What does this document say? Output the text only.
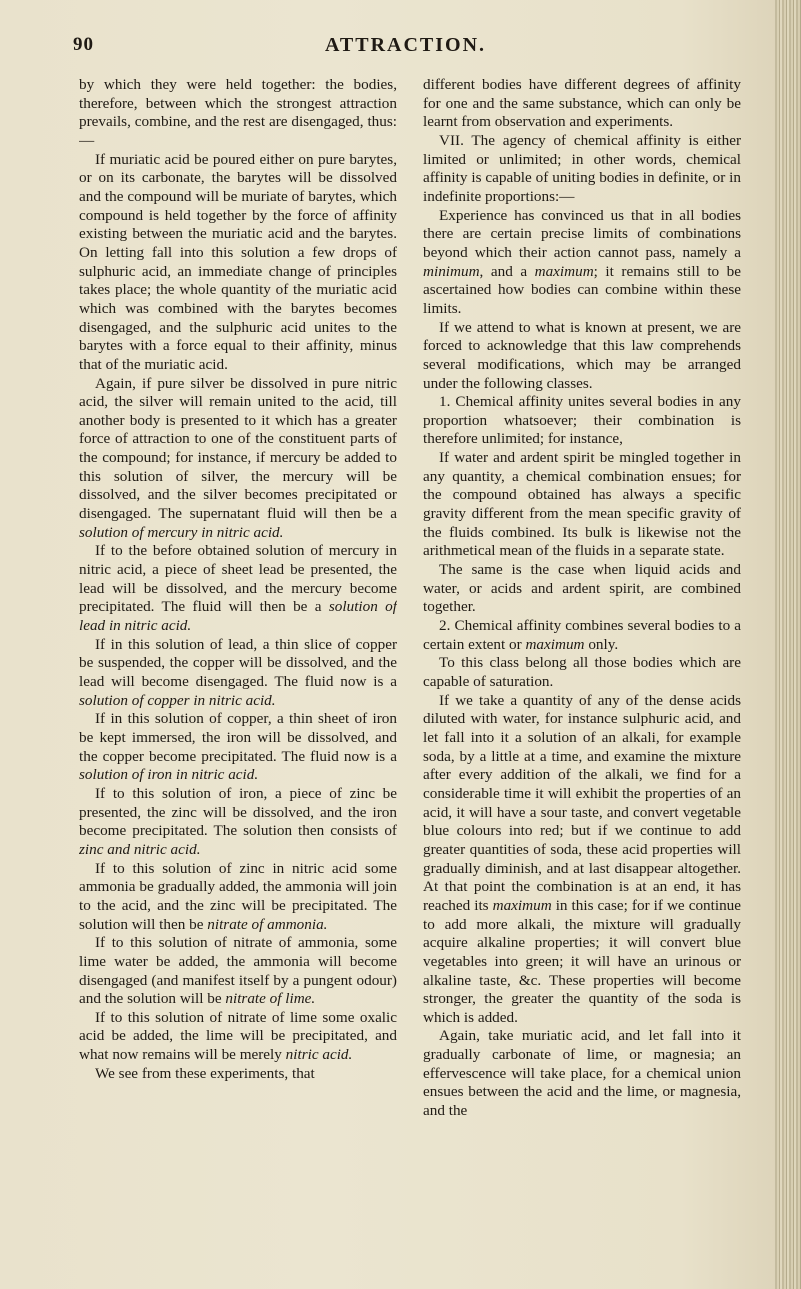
90	ATTRACTION.

by which they were held together: the bodies, therefore, between which the strongest attraction prevails, combine, and the rest are disengaged, thus:—

If muriatic acid be poured either on pure barytes, or on its carbonate, the barytes will be dissolved and the compound will be muriate of barytes, which compound is held together by the force of affinity existing between the muriatic acid and the barytes. On letting fall into this solution a few drops of sulphuric acid, an immediate change of principles takes place; the whole quantity of the muriatic acid which was combined with the barytes becomes disengaged, and the sulphuric acid unites to the barytes with a force equal to their affinity, minus that of the muriatic acid.

Again, if pure silver be dissolved in pure nitric acid, the silver will remain united to the acid, till another body is presented to it which has a greater force of attraction to one of the constituent parts of the compound; for instance, if mercury be added to this solution of silver, the mercury will be dissolved, and the silver becomes precipitated or disengaged. The supernatant fluid will then be a solution of mercury in nitric acid.

If to the before obtained solution of mercury in nitric acid, a piece of sheet lead be presented, the lead will be dissolved, and the mercury become precipitated. The fluid will then be a solution of lead in nitric acid.

If in this solution of lead, a thin slice of copper be suspended, the copper will be dissolved, and the lead will become disengaged. The fluid now is a solution of copper in nitric acid.

If in this solution of copper, a thin sheet of iron be kept immersed, the iron will be dissolved, and the copper become precipitated. The fluid now is a solution of iron in nitric acid.

If to this solution of iron, a piece of zinc be presented, the zinc will be dissolved, and the iron become precipitated. The solution then consists of zinc and nitric acid.

If to this solution of zinc in nitric acid some ammonia be gradually added, the ammonia will join to the acid, and the zinc will be precipitated. The solution will then be nitrate of ammonia.

If to this solution of nitrate of ammonia, some lime water be added, the ammonia will become disengaged (and manifest itself by a pungent odour) and the solution will be nitrate of lime.

If to this solution of nitrate of lime some oxalic acid be added, the lime will be precipitated, and what now remains will be merely nitric acid.

We see from these experiments, that

different bodies have different degrees of affinity for one and the same substance, which can only be learnt from observation and experiments.

VII. The agency of chemical affinity is either limited or unlimited; in other words, chemical affinity is capable of uniting bodies in definite, or in indefinite proportions:—

Experience has convinced us that in all bodies there are certain precise limits of combinations beyond which their action cannot pass, namely a minimum, and a maximum; it remains still to be ascertained how bodies can combine within these limits.

If we attend to what is known at present, we are forced to acknowledge that this law comprehends several modifications, which may be arranged under the following classes.

1. Chemical affinity unites several bodies in any proportion whatsoever; their combination is therefore unlimited; for instance,

If water and ardent spirit be mingled together in any quantity, a chemical combination ensues; for the compound obtained has always a specific gravity different from the mean specific gravity of the fluids combined. Its bulk is likewise not the arithmetical mean of the fluids in a separate state.

The same is the case when liquid acids and water, or acids and ardent spirit, are combined together.

2. Chemical affinity combines several bodies to a certain extent or maximum only.

To this class belong all those bodies which are capable of saturation.

If we take a quantity of any of the dense acids diluted with water, for instance sulphuric acid, and let fall into it a solution of an alkali, for example soda, by a little at a time, and examine the mixture after every addition of the alkali, we find for a considerable time it will exhibit the properties of an acid, it will have a sour taste, and convert vegetable blue colours into red; but if we continue to add greater quantities of soda, these acid properties will gradually diminish, and at last disappear altogether. At that point the combination is at an end, it has reached its maximum in this case; for if we continue to add more alkali, the mixture will gradually acquire alkaline properties; it will convert blue vegetables into green; it will have an urinous or alkaline taste, &c. These properties will become stronger, the greater the quantity of the soda is which is added.

Again, take muriatic acid, and let fall into it gradually carbonate of lime, or magnesia; an effervescence will take place, for a chemical union ensues between the acid and the lime, or magnesia, and the
